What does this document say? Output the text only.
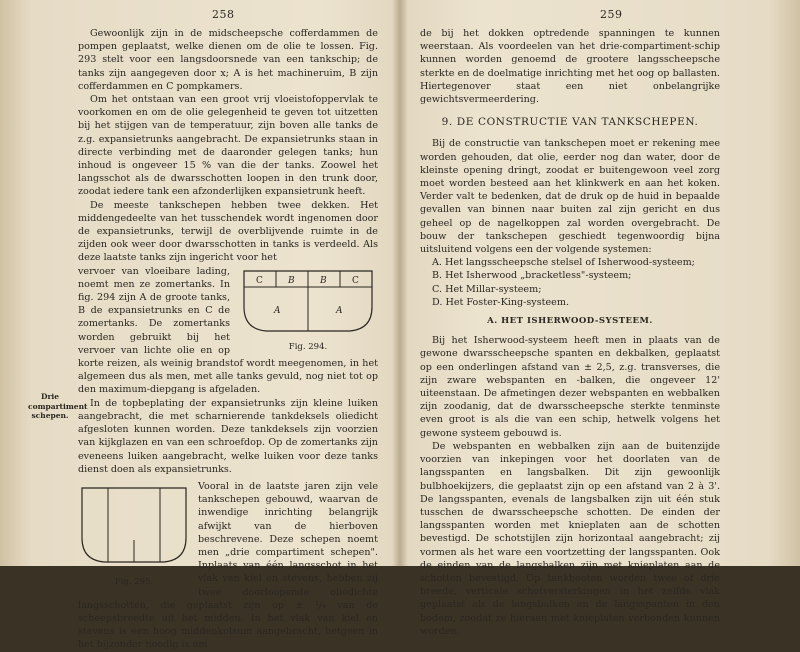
258

Gewoonlijk zijn in de midscheepsche cofferdammen de pompen geplaatst, welke dienen om de olie te lossen. Fig. 293 stelt voor een langsdoorsnede van een tankschip; de tanks zijn aangegeven door x; A is het machineruim, B zijn cofferdammen en C pompkamers.

Om het ontstaan van een groot vrij vloeistofoppervlak te voorkomen en om de olie gelegenheid te geven tot uitzetten bij het stijgen van de temperatuur, zijn boven alle tanks de z.g. expansietrunks aangebracht. De expansietrunks staan in directe verbinding met de daaronder gelegen tanks; hun inhoud is ongeveer 15 % van die der tanks. Zoowel het langsschot als de dwarsschotten loopen in den trunk door, zoodat iedere tank een afzonderlijken expansietrunk heeft.

De meeste tankschepen hebben twee dekken. Het middengedeelte van het tusschendek wordt ingenomen door de expansietrunks, terwijl de overblijvende ruimte in de zijden ook weer door dwarsschotten in tanks is verdeeld. Als deze laatste tanks zijn ingericht voor het

C	B	B	C
A	A
Fig. 294.

vervoer van vloeibare lading, noemt men ze zomertanks. In fig. 294 zijn A de groote tanks, B de expansietrunks en C de zomertanks. De zomertanks worden gebruikt bij het vervoer van lichte olie en op korte reizen, als weinig brandstof wordt meegenomen, in het algemeen dus als men, met alle tanks gevuld, nog niet tot op den maximum-diepgang is afgeladen.

In de topbeplating der expansietrunks zijn kleine luiken aangebracht, die met scharnierende tankdeksels oliedicht afgesloten kunnen worden. Deze tankdeksels zijn voorzien van kijkglazen en van een schroefdop. Op de zomertanks zijn eveneens luiken aangebracht, welke luiken voor deze tanks dienst doen als expansietrunks.

Fig. 295.

Vooral in de laatste jaren zijn vele tankschepen gebouwd, waarvan de inwendige inrichting belangrijk afwijkt van de hierboven beschrevene. Deze schepen noemt men „drie compartiment schepen". Inplaats van één langsschot in het vlak van kiel en stevens, hebben zij twee doorloopende oliedichte langsschotten, die geplaatst zijn op ± ¹/₄ van de scheepsbreedte uit het midden. In het vlak van kiel en stevens is een hoog middenkolsum aangebracht, hetgeen in het bijzonder noodig is om

Drie compartiment schepen.
259

de bij het dokken optredende spanningen te kunnen weerstaan. Als voordeelen van het drie-compartiment-schip kunnen worden genoemd de grootere langsscheepsche sterkte en de doelmatige inrichting met het oog op ballasten. Hiertegenover staat een niet onbelangrijke gewichtsvermeerdering.

9. DE CONSTRUCTIE VAN TANKSCHEPEN.

Bij de constructie van tankschepen moet er rekening mee worden gehouden, dat olie, eerder nog dan water, door de kleinste opening dringt, zoodat er buitengewoon veel zorg moet worden besteed aan het klinkwerk en aan het koken. Verder valt te bedenken, dat de druk op de huid in bepaalde gevallen van binnen naar buiten zal zijn gericht en dus geheel op de nagelkoppen zal worden overgebracht. De bouw der tankschepen geschiedt tegenwoordig bijna uitsluitend volgens een der volgende systemen:

A. Het langsscheepsche stelsel of Isherwood-systeem;

B. Het Isherwood „bracketless"-systeem;

C. Het Millar-systeem;

D. Het Foster-King-systeem.

A. HET ISHERWOOD-SYSTEEM.

Bij het Isherwood-systeem heeft men in plaats van de gewone dwarsscheepsche spanten en dekbalken, geplaatst op een onderlingen afstand van ± 2,5, z.g. transverses, die zijn zware webspanten en -balken, die ongeveer 12' uiteenstaan. De afmetingen dezer webspanten en webbalken zijn zoodanig, dat de dwarsscheepsche sterkte tenminste even groot is als die van een schip, hetwelk volgens het gewone systeem gebouwd is.

De webspanten en webbalken zijn aan de buitenzijde voorzien van inkepingen voor het doorlaten van de langsspanten en langsbalken. Dit zijn gewoonlijk bulbhoekijzers, die geplaatst zijn op een afstand van 2 à 3'. De langsspanten, evenals de langsbalken zijn uit één stuk tusschen de dwarsscheepsche schotten. De einden der langsspanten worden met knieplaten aan de schotten bevestigd. De schotstijlen zijn horizontaal aangebracht; zij vormen als het ware een voortzetting der langsspanten. Ook de einden van de langsbalken zijn met knieplaten aan de schotten bevestigd. Op tankbooten worden twee of drie breede, verticale schotversterkingen in het zelfde vlak geplaatst als de langsbalken en de langsspanten in den bodem, zoodat ze hieraan met knieplaten verbonden kunnen worden.
